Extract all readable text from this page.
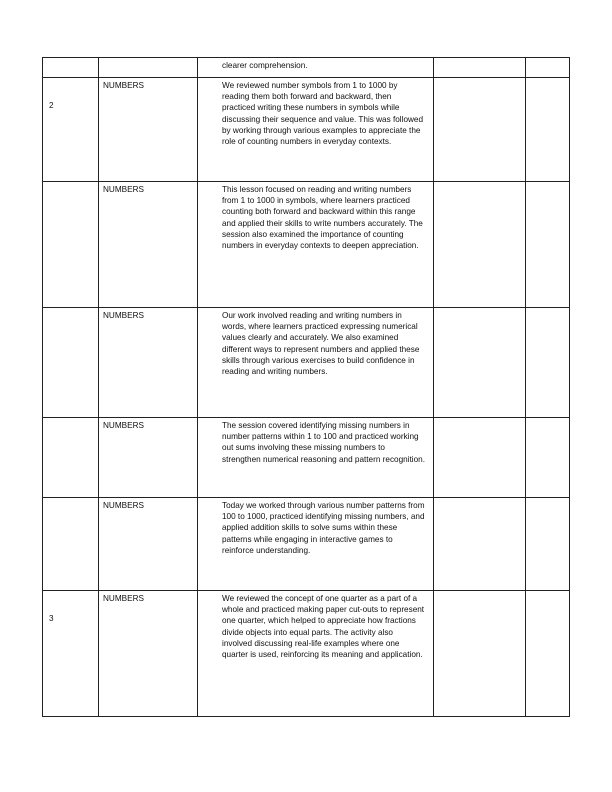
		clearer comprehension.		
2	NUMBERS	We reviewed number symbols from 1 to 1000 by reading them both forward and backward, then practiced writing these numbers in symbols while discussing their sequence and value. This was followed by working through various examples to appreciate the role of counting numbers in everyday contexts.		
	NUMBERS	This lesson focused on reading and writing numbers from 1 to 1000 in symbols, where learners practiced counting both forward and backward within this range and applied their skills to write numbers accurately. The session also examined the importance of counting numbers in everyday contexts to deepen appreciation.		
	NUMBERS	Our work involved reading and writing numbers in words, where learners practiced expressing numerical values clearly and accurately. We also examined different ways to represent numbers and applied these skills through various exercises to build confidence in reading and writing numbers.		
	NUMBERS	The session covered identifying missing numbers in number patterns within 1 to 100 and practiced working out sums involving these missing numbers to strengthen numerical reasoning and pattern recognition.		
	NUMBERS	Today we worked through various number patterns from 100 to 1000, practiced identifying missing numbers, and applied addition skills to solve sums within these patterns while engaging in interactive games to reinforce understanding.		
3	NUMBERS	We reviewed the concept of one quarter as a part of a whole and practiced making paper cut-outs to represent one quarter, which helped to appreciate how fractions divide objects into equal parts. The activity also involved discussing real-life examples where one quarter is used, reinforcing its meaning and application.		
